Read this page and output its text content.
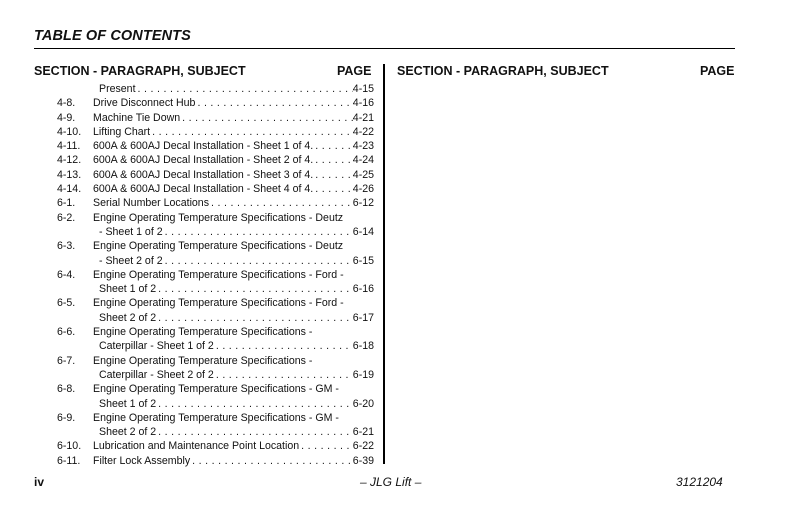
TABLE OF CONTENTS
SECTION - PARAGRAPH, SUBJECT	PAGE SECTION - PARAGRAPH, SUBJECT	PAGE
Present . . .	4-15
4-8.	Drive Disconnect Hub . . .	4-16
4-9.	Machine Tie Down . . .	4-21
4-10.	Lifting Chart . . .	4-22
4-11.	600A & 600AJ Decal Installation - Sheet 1 of 4. . . .	4-23
4-12.	600A & 600AJ Decal Installation - Sheet 2 of 4. . . .	4-24
4-13.	600A & 600AJ Decal Installation - Sheet 3 of 4. . . .	4-25
4-14.	600A & 600AJ Decal Installation - Sheet 4 of 4. . . .	4-26
6-1.	Serial Number Locations . . .	6-12
6-2.	Engine Operating Temperature Specifications - Deutz
- Sheet 1 of 2 . . .	6-14
6-3.	Engine Operating Temperature Specifications - Deutz
- Sheet 2 of 2 . . .	6-15
6-4.	Engine Operating Temperature Specifications - Ford -
Sheet 1 of 2 . . .	6-16
6-5.	Engine Operating Temperature Specifications - Ford -
Sheet 2 of 2 . . .	6-17
6-6.	Engine Operating Temperature Specifications -
Caterpillar - Sheet 1 of 2 . . .	6-18
6-7.	Engine Operating Temperature Specifications -
Caterpillar - Sheet 2 of 2 . . .	6-19
6-8.	Engine Operating Temperature Specifications - GM -
Sheet 1 of 2 . . .	6-20
6-9.	Engine Operating Temperature Specifications - GM -
Sheet 2 of 2 . . .	6-21
6-10.	Lubrication and Maintenance Point Location . . .	6-22
6-11.	Filter Lock Assembly . . .	6-39
iv	– JLG Lift –	3121204
